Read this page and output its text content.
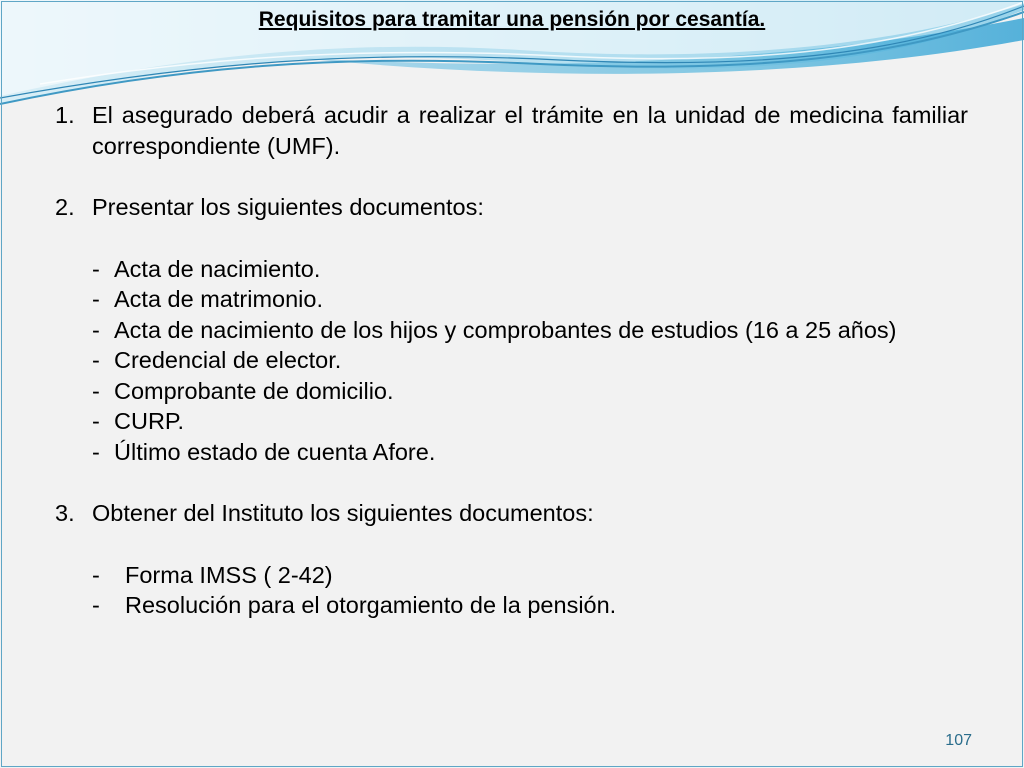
Requisitos para tramitar una pensión por cesantía.
1. El asegurado deberá acudir a realizar el trámite en la unidad de medicina familiar correspondiente (UMF).
2. Presentar los siguientes documentos:
- Acta de nacimiento.
- Acta de matrimonio.
- Acta de nacimiento de los hijos y comprobantes de estudios (16 a 25 años)
- Credencial de elector.
- Comprobante de domicilio.
- CURP.
- Último estado de cuenta Afore.
3. Obtener del Instituto los siguientes documentos:
- Forma IMSS ( 2-42)
- Resolución para el otorgamiento de la pensión.
107
